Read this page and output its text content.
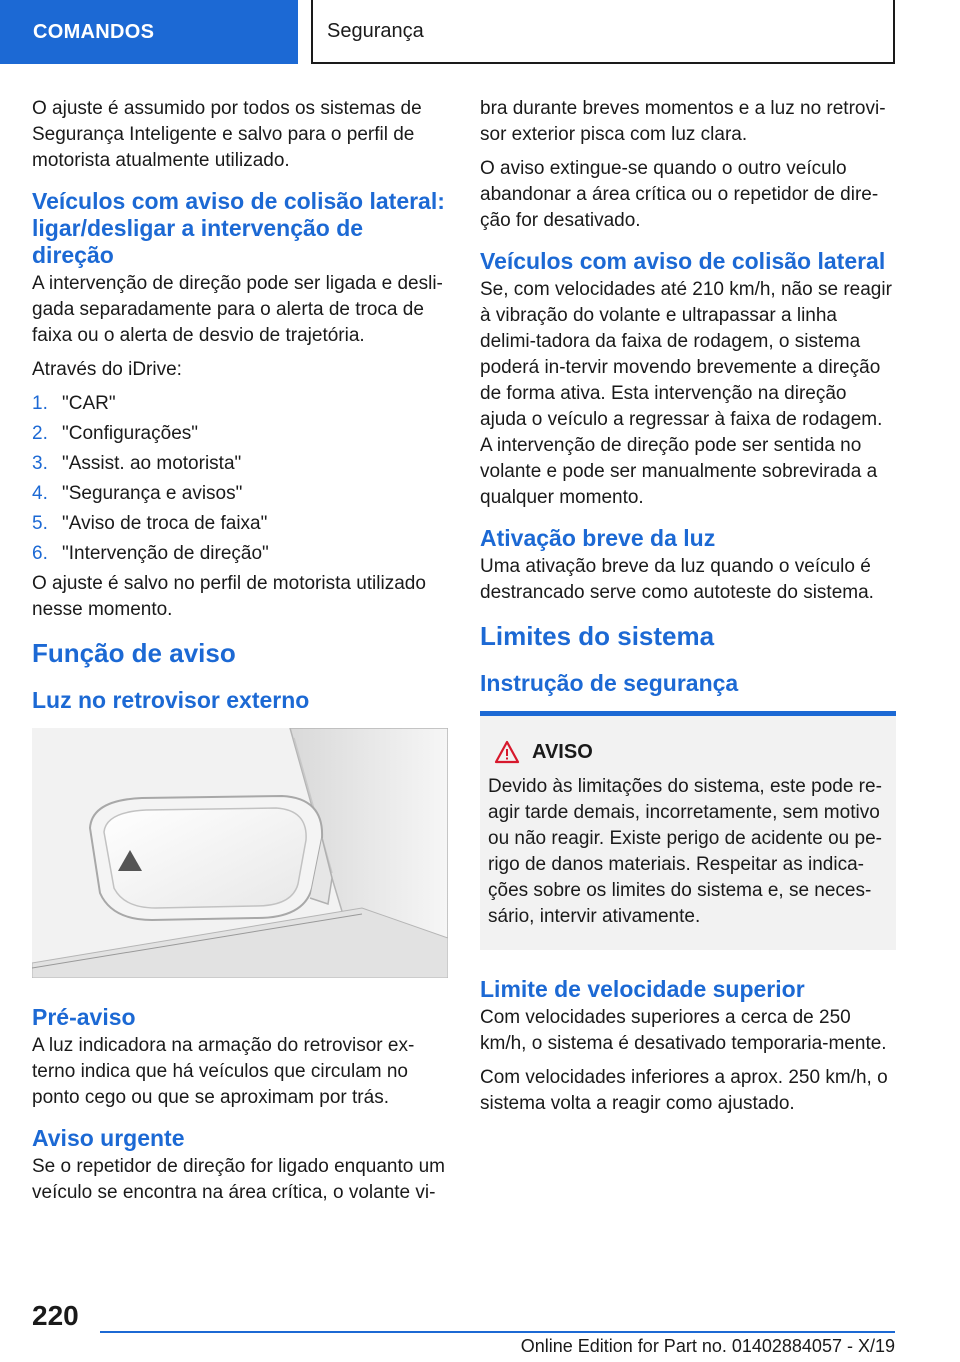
COMANDOS	Segurança

O ajuste é assumido por todos os sistemas de Segurança Inteligente e salvo para o perfil de motorista atualmente utilizado.

Veículos com aviso de colisão lateral: ligar/desligar a intervenção de direção

A intervenção de direção pode ser ligada e desli-gada separadamente para o alerta de troca de faixa ou o alerta de desvio de trajetória.

Através do iDrive:

1. "CAR"
2. "Configurações"
3. "Assist. ao motorista"
4. "Segurança e avisos"
5. "Aviso de troca de faixa"
6. "Intervenção de direção"

O ajuste é salvo no perfil de motorista utilizado nesse momento.

Função de aviso
Luz no retrovisor externo
Pré-aviso

A luz indicadora na armação do retrovisor ex-terno indica que há veículos que circulam no ponto cego ou que se aproximam por trás.

Aviso urgente

Se o repetidor de direção for ligado enquanto um veículo se encontra na área crítica, o volante vi-

bra durante breves momentos e a luz no retrovi-sor exterior pisca com luz clara.

O aviso extingue-se quando o outro veículo abandonar a área crítica ou o repetidor de dire-ção for desativado.

Veículos com aviso de colisão lateral

Se, com velocidades até 210 km/h, não se reagir à vibração do volante e ultrapassar a linha delimi-tadora da faixa de rodagem, o sistema poderá in-tervir movendo brevemente a direção de forma ativa. Esta intervenção na direção ajuda o veículo a regressar à faixa de rodagem. A intervenção de direção pode ser sentida no volante e pode ser manualmente sobrevirada a qualquer momento.

Ativação breve da luz

Uma ativação breve da luz quando o veículo é destrancado serve como autoteste do sistema.

Limites do sistema
Instrução de segurança
AVISO

Devido às limitações do sistema, este pode re-agir tarde demais, incorretamente, sem motivo ou não reagir. Existe perigo de acidente ou pe-rigo de danos materiais. Respeitar as indica-ções sobre os limites do sistema e, se neces-sário, intervir ativamente.

Limite de velocidade superior

Com velocidades superiores a cerca de 250 km/h, o sistema é desativado temporaria-mente.

Com velocidades inferiores a aprox. 250 km/h, o sistema volta a reagir como ajustado.

220
Online Edition for Part no. 01402884057 - X/19
